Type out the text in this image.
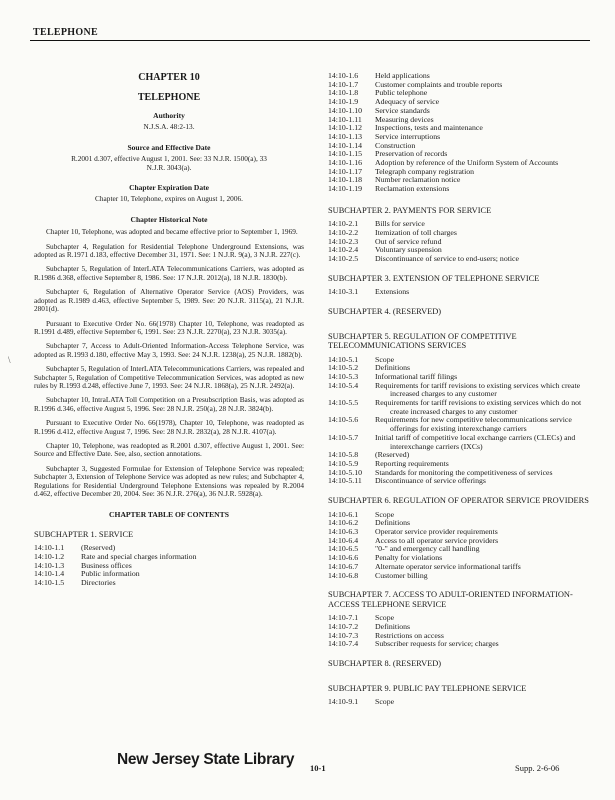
TELEPHONE
\

CHAPTER 10

TELEPHONE

Authority
N.J.S.A. 48:2-13.
Source and Effective Date
R.2001 d.307, effective August 1, 2001. See: 33 N.J.R. 1500(a), 33 N.J.R. 3043(a).
Chapter Expiration Date
Chapter 10, Telephone, expires on August 1, 2006.
Chapter Historical Note

Chapter 10, Telephone, was adopted and became effective prior to September 1, 1969.

Subchapter 4, Regulation for Residential Telephone Underground Extensions, was adopted as R.1971 d.183, effective December 31, 1971. See: 1 N.J.R. 9(a), 3 N.J.R. 227(c).

Subchapter 5, Regulation of InterLATA Telecommunications Carriers, was adopted as R.1986 d.368, effective September 8, 1986. See: 17 N.J.R. 2012(a), 18 N.J.R. 1830(b).

Subchapter 6, Regulation of Alternative Operator Service (AOS) Providers, was adopted as R.1989 d.463, effective September 5, 1989. See: 20 N.J.R. 3115(a), 21 N.J.R. 2801(d).

Pursuant to Executive Order No. 66(1978) Chapter 10, Telephone, was readopted as R.1991 d.489, effective September 6, 1991. See: 23 N.J.R. 2270(a), 23 N.J.R. 3035(a).

Subchapter 7, Access to Adult-Oriented Information-Access Telephone Service, was adopted as R.1993 d.180, effective May 3, 1993. See: 24 N.J.R. 1238(a), 25 N.J.R. 1882(b).

Subchapter 5, Regulation of InterLATA Telecommunications Carriers, was repealed and Subchapter 5, Regulation of Competitive Telecommunication Services, was adopted as new rules by R.1993 d.248, effective June 7, 1993. See: 24 N.J.R. 1868(a), 25 N.J.R. 2492(a).

Subchapter 10, IntraLATA Toll Competition on a Presubscription Basis, was adopted as R.1996 d.346, effective August 5, 1996. See: 28 N.J.R. 250(a), 28 N.J.R. 3824(b).

Pursuant to Executive Order No. 66(1978), Chapter 10, Telephone, was readopted as R.1996 d.412, effective August 7, 1996. See: 28 N.J.R. 2832(a), 28 N.J.R. 4107(a).

Chapter 10, Telephone, was readopted as R.2001 d.307, effective August 1, 2001. See: Source and Effective Date. See, also, section annotations.

Subchapter 3, Suggested Formulae for Extension of Telephone Service was repealed; Subchapter 3, Extension of Telephone Service was adopted as new rules; and Subchapter 4, Regulations for Residential Underground Telephone Extensions was repealed by R.2004 d.462, effective December 20, 2004. See: 36 N.J.R. 276(a), 36 N.J.R. 5928(a).

CHAPTER TABLE OF CONTENTS
SUBCHAPTER 1. SERVICE
14:10-1.1	(Reserved)
14:10-1.2	Rate and special charges information
14:10-1.3	Business offices
14:10-1.4	Public information
14:10-1.5	Directories
14:10-1.6	Held applications
14:10-1.7	Customer complaints and trouble reports
14:10-1.8	Public telephone
14:10-1.9	Adequacy of service
14:10-1.10	Service standards
14:10-1.11	Measuring devices
14:10-1.12	Inspections, tests and maintenance
14:10-1.13	Service interruptions
14:10-1.14	Construction
14:10-1.15	Preservation of records
14:10-1.16	Adoption by reference of the Uniform System of Accounts
14:10-1.17	Telegraph company registration
14:10-1.18	Number reclamation notice
14:10-1.19	Reclamation extensions
SUBCHAPTER 2. PAYMENTS FOR SERVICE
14:10-2.1	Bills for service
14:10-2.2	Itemization of toll charges
14:10-2.3	Out of service refund
14:10-2.4	Voluntary suspension
14:10-2.5	Discontinuance of service to end-users; notice
SUBCHAPTER 3. EXTENSION OF TELEPHONE SERVICE
14:10-3.1	Extensions
SUBCHAPTER 4. (RESERVED)
SUBCHAPTER 5. REGULATION OF COMPETITIVE TELECOMMUNICATIONS SERVICES
14:10-5.1	Scope
14:10-5.2	Definitions
14:10-5.3	Informational tariff filings
14:10-5.4	Requirements for tariff revisions to existing services which create increased charges to any customer
14:10-5.5	Requirements for tariff revisions to existing services which do not create increased charges to any customer
14:10-5.6	Requirements for new competitive telecommunications service offerings for existing interexchange carriers
14:10-5.7	Initial tariff of competitive local exchange carriers (CLECs) and interexchange carriers (IXCs)
14:10-5.8	(Reserved)
14:10-5.9	Reporting requirements
14:10-5.10	Standards for monitoring the competitiveness of services
14:10-5.11	Discontinuance of service offerings
SUBCHAPTER 6. REGULATION OF OPERATOR SERVICE PROVIDERS
14:10-6.1	Scope
14:10-6.2	Definitions
14:10-6.3	Operator service provider requirements
14:10-6.4	Access to all operator service providers
14:10-6.5	"0-" and emergency call handling
14:10-6.6	Penalty for violations
14:10-6.7	Alternate operator service informational tariffs
14:10-6.8	Customer billing
SUBCHAPTER 7. ACCESS TO ADULT-ORIENTED INFORMATION-ACCESS TELEPHONE SERVICE
14:10-7.1	Scope
14:10-7.2	Definitions
14:10-7.3	Restrictions on access
14:10-7.4	Subscriber requests for service; charges
SUBCHAPTER 8. (RESERVED)
SUBCHAPTER 9. PUBLIC PAY TELEPHONE SERVICE
14:10-9.1	Scope
New Jersey State Library 10-1	Supp. 2-6-06
